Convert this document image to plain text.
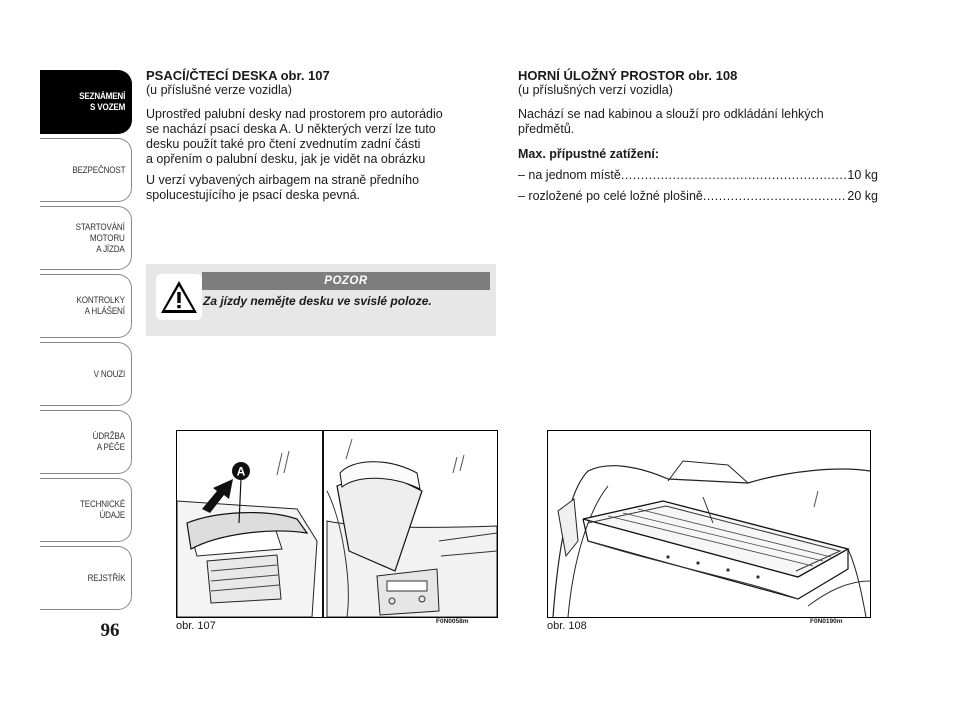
SEZNÁMENÍ
S VOZEM
BEZPEČNOST
STARTOVÁNÍ
MOTORU
A JÍZDA
KONTROLKY
A HLÁŠENÍ
V NOUZI
ÚDRŽBA
A PÉČE
TECHNICKÉ
ÚDAJE
REJSTŘÍK
96

PSACÍ/ČTECÍ DESKA obr. 107

(u příslušné verze vozidla)

Uprostřed palubní desky nad prostorem pro autorádio
se nachází psací deska A. U některých verzí lze tuto
desku použít také pro čtení zvednutím zadní části
a opřením o palubní desku, jak je vidět na obrázku

U verzí vybavených airbagem na straně předního
spolucestujícího je psací deska pevná.

POZOR
Za jízdy nemějte desku ve svislé poloze.

HORNÍ ÚLOŽNÝ PROSTOR obr. 108

(u příslušných verzí vozidla)

Nachází se nad kabinou a slouží pro odkládání lehkých
předmětů.

Max. přípustné zatížení:

– na jednom místě .....	10 kg
– rozložené po celé ložné plošině .....	20 kg
A
obr. 107	F0N0058m	obr. 108	F0N0190m
